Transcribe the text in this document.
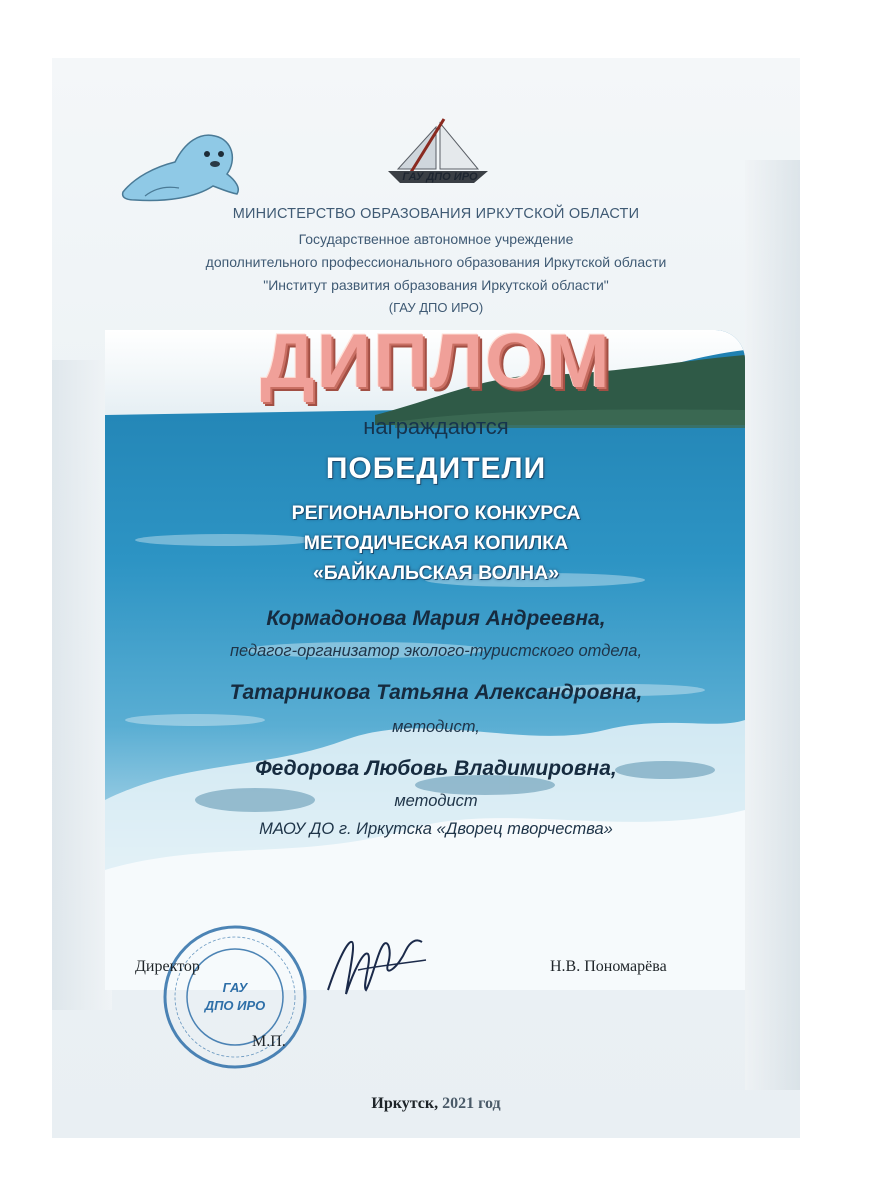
ГАУ ДПО ИРО
МИНИСТЕРСТВО ОБРАЗОВАНИЯ ИРКУТСКОЙ ОБЛАСТИ
Государственное автономное учреждение
дополнительного профессионального образования Иркутской области
"Институт развития образования Иркутской области"
(ГАУ ДПО ИРО)
ДИПЛОМ
награждаются
ПОБЕДИТЕЛИ
РЕГИОНАЛЬНОГО КОНКУРСА
МЕТОДИЧЕСКАЯ КОПИЛКА
«БАЙКАЛЬСКАЯ ВОЛНА»
Кормадонова Мария Андреевна,
педагог-организатор эколого-туристского отдела,
Татарникова Татьяна Александровна,
методист,
Федорова Любовь Владимировна,
методист
МАОУ ДО г. Иркутска «Дворец творчества»
ГАУ
ДПО ИРО
Директор	Н.В. Пономарёва
М.П.
Иркутск, 2021 год
